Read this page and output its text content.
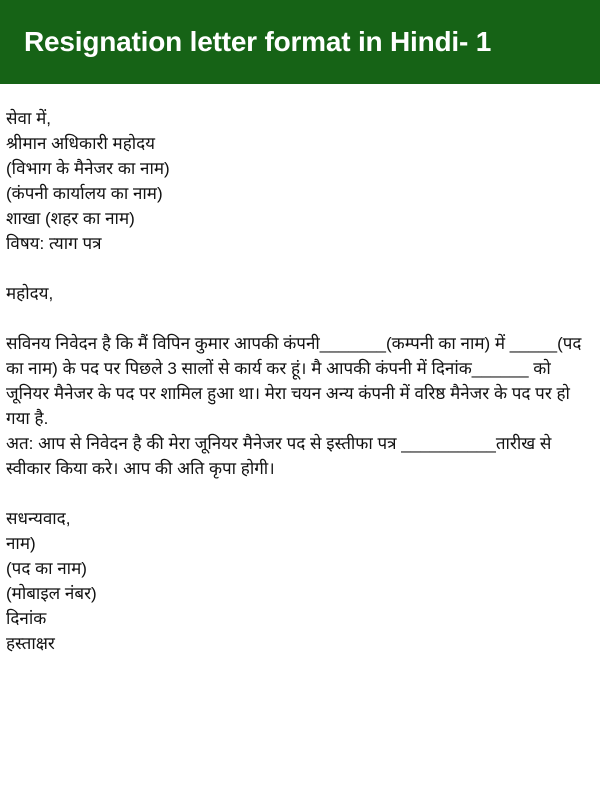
Resignation letter format in Hindi- 1
सेवा में,
श्रीमान अधिकारी महोदय
(विभाग के मैनेजर का नाम)
(कंपनी कार्यालय का नाम)
शाखा (शहर का नाम)
विषय: त्याग पत्र
महोदय,
सविनय निवेदन है कि मैं विपिन कुमार आपकी कंपनी_______(कम्पनी का नाम) में _____(पद का नाम) के पद पर पिछले 3 सालों से कार्य कर हूं। मै आपकी कंपनी में दिनांक______ को जूनियर मैनेजर के पद पर शामिल हुआ था। मेरा चयन अन्य कंपनी में वरिष्ठ मैनेजर के पद पर हो गया है.
अत: आप से निवेदन है की मेरा जूनियर मैनेजर पद से इस्तीफा पत्र __________तारीख से स्वीकार किया करे। आप की अति कृपा होगी।
सधन्यवाद,
नाम)
(पद का नाम)
(मोबाइल नंबर)
दिनांक
हस्ताक्षर
